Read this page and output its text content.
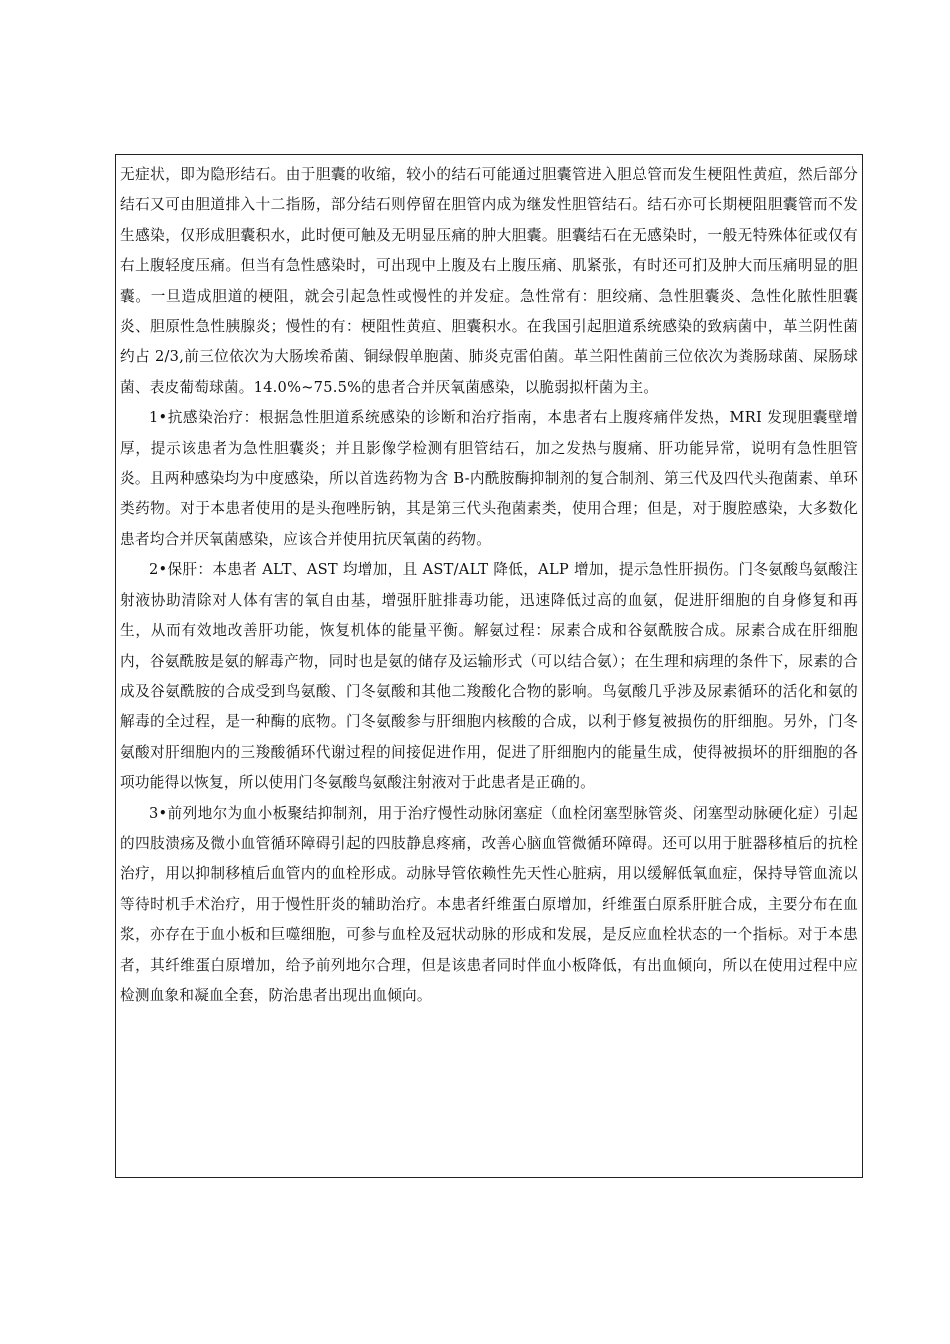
无症状，即为隐形结石。由于胆囊的收缩，较小的结石可能通过胆囊管进入胆总管而发生梗阻性黄疸，然后部分结石又可由胆道排入十二指肠，部分结石则停留在胆管内成为继发性胆管结石。结石亦可长期梗阻胆囊管而不发生感染，仅形成胆囊积水，此时便可触及无明显压痛的肿大胆囊。胆囊结石在无感染时，一般无特殊体征或仅有右上腹轻度压痛。但当有急性感染时，可出现中上腹及右上腹压痛、肌紧张，有时还可扪及肿大而压痛明显的胆囊。一旦造成胆道的梗阻，就会引起急性或慢性的并发症。急性常有：胆绞痛、急性胆囊炎、急性化脓性胆囊炎、胆原性急性胰腺炎；慢性的有：梗阻性黄疸、胆囊积水。在我国引起胆道系统感染的致病菌中，革兰阴性菌约占 2/3,前三位依次为大肠埃希菌、铜绿假单胞菌、肺炎克雷伯菌。革兰阳性菌前三位依次为粪肠球菌、屎肠球菌、表皮葡萄球菌。14.0%~75.5%的患者合并厌氧菌感染，以脆弱拟杆菌为主。

1•抗感染治疗：根据急性胆道系统感染的诊断和治疗指南，本患者右上腹疼痛伴发热，MRI 发现胆囊壁增厚，提示该患者为急性胆囊炎；并且影像学检测有胆管结石，加之发热与腹痛、肝功能异常，说明有急性胆管炎。且两种感染均为中度感染，所以首选药物为含 B-内酰胺酶抑制剂的复合制剂、第三代及四代头孢菌素、单环类药物。对于本患者使用的是头孢唑肟钠，其是第三代头孢菌素类，使用合理；但是，对于腹腔感染，大多数化患者均合并厌氧菌感染，应该合并使用抗厌氧菌的药物。

2•保肝：本患者 ALT、AST 均增加，且 AST/ALT 降低，ALP 增加，提示急性肝损伤。门冬氨酸鸟氨酸注射液协助清除对人体有害的氧自由基，增强肝脏排毒功能，迅速降低过高的血氨，促进肝细胞的自身修复和再生，从而有效地改善肝功能，恢复机体的能量平衡。解氨过程：尿素合成和谷氨酰胺合成。尿素合成在肝细胞内，谷氨酰胺是氨的解毒产物，同时也是氨的储存及运输形式（可以结合氨）；在生理和病理的条件下，尿素的合成及谷氨酰胺的合成受到鸟氨酸、门冬氨酸和其他二羧酸化合物的影响。鸟氨酸几乎涉及尿素循环的活化和氨的解毒的全过程，是一种酶的底物。门冬氨酸参与肝细胞内核酸的合成，以利于修复被损伤的肝细胞。另外，门冬氨酸对肝细胞内的三羧酸循环代谢过程的间接促进作用，促进了肝细胞内的能量生成，使得被损坏的肝细胞的各项功能得以恢复，所以使用门冬氨酸鸟氨酸注射液对于此患者是正确的。

3•前列地尔为血小板聚结抑制剂，用于治疗慢性动脉闭塞症（血栓闭塞型脉管炎、闭塞型动脉硬化症）引起的四肢溃疡及微小血管循环障碍引起的四肢静息疼痛，改善心脑血管微循环障碍。还可以用于脏器移植后的抗栓治疗，用以抑制移植后血管内的血栓形成。动脉导管依赖性先天性心脏病，用以缓解低氧血症，保持导管血流以等待时机手术治疗，用于慢性肝炎的辅助治疗。本患者纤维蛋白原增加，纤维蛋白原系肝脏合成，主要分布在血浆，亦存在于血小板和巨噬细胞，可参与血栓及冠状动脉的形成和发展，是反应血栓状态的一个指标。对于本患者，其纤维蛋白原增加，给予前列地尔合理，但是该患者同时伴血小板降低，有出血倾向，所以在使用过程中应检测血象和凝血全套，防治患者出现出血倾向。
